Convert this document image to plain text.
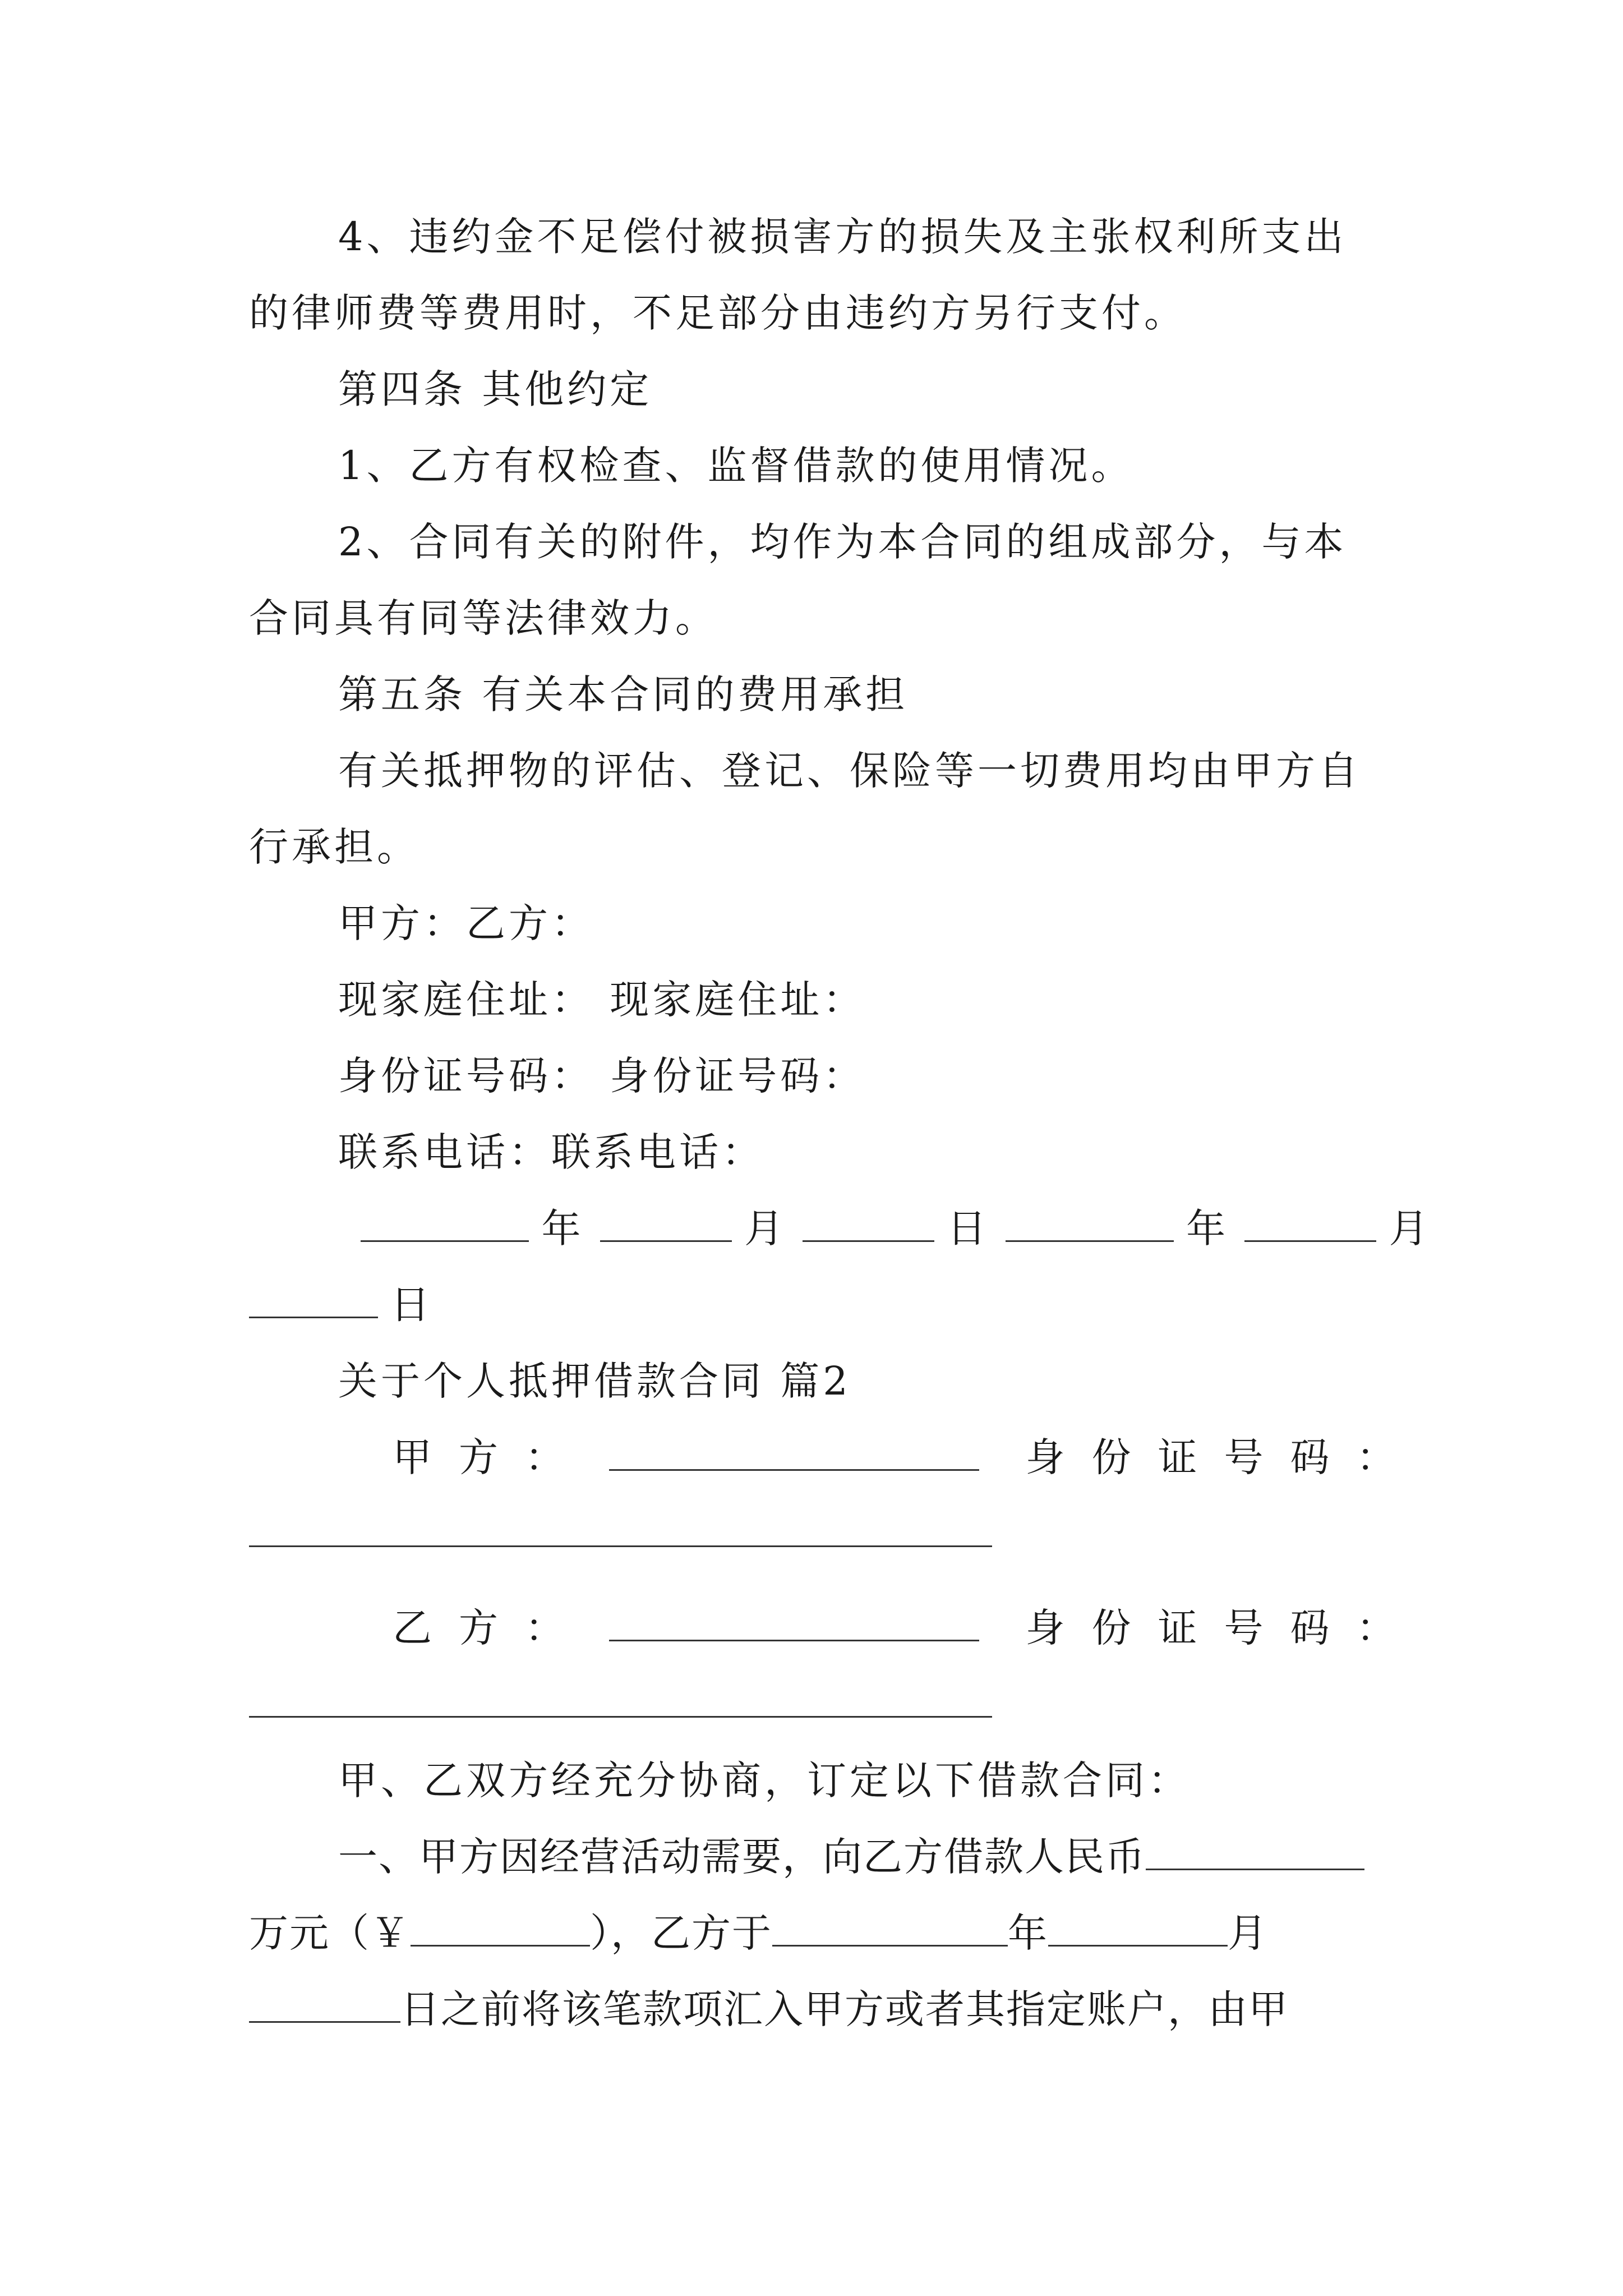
4、违约金不足偿付被损害方的损失及主张权利所支出
的律师费等费用时，不足部分由违约方另行支付。
第四条 其他约定
1、乙方有权检查、监督借款的使用情况。
2、合同有关的附件，均作为本合同的组成部分，与本
合同具有同等法律效力。
第五条 有关本合同的费用承担
有关抵押物的评估、登记、保险等一切费用均由甲方自
行承担。
甲方：乙方：
现家庭住址： 现家庭住址：
身份证号码： 身份证号码：
联系电话：联系电话：
年	月	日	年	月
日
关于个人抵押借款合同 篇2
甲方：	身份证号码：
乙方：	身份证号码：
甲、乙双方经充分协商，订定以下借款合同：
一、甲方因经营活动需要，向乙方借款人民币
万元（￥	），乙方于	年	月
日之前将该笔款项汇入甲方或者其指定账户，由甲
